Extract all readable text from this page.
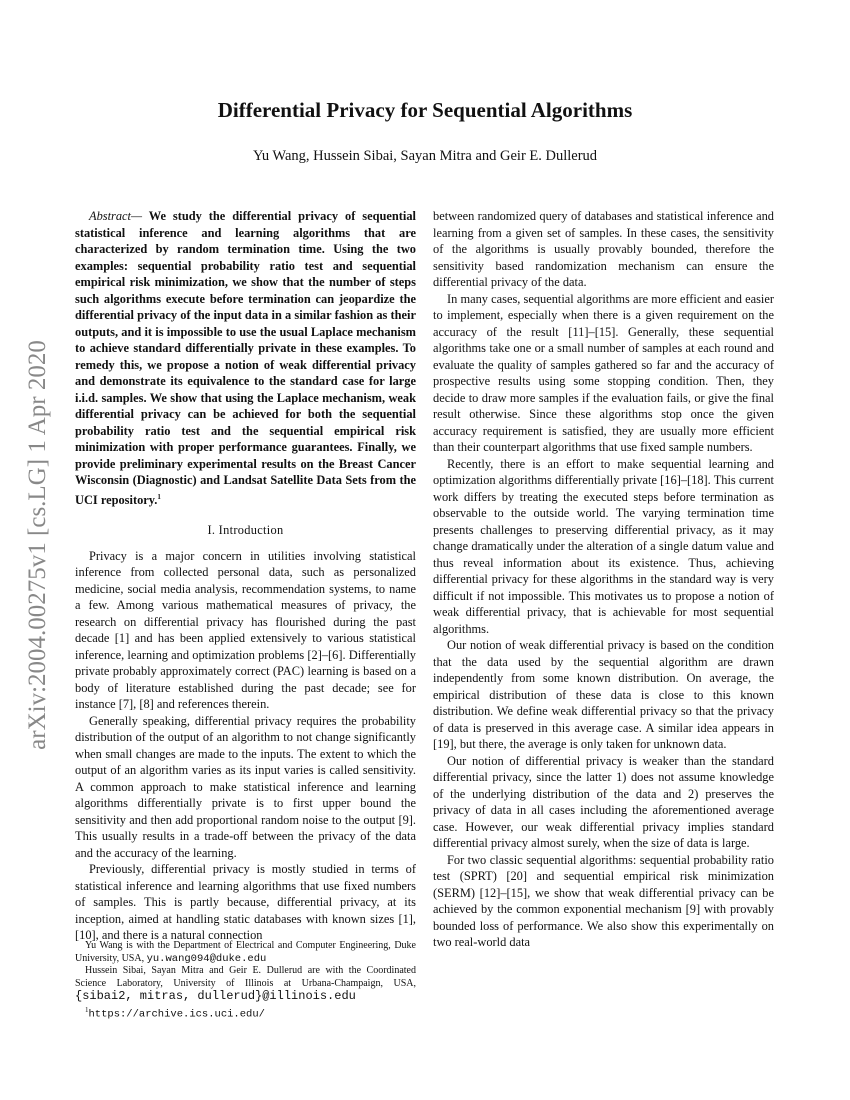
arXiv:2004.00275v1 [cs.LG] 1 Apr 2020
Differential Privacy for Sequential Algorithms
Yu Wang, Hussein Sibai, Sayan Mitra and Geir E. Dullerud

Abstract— We study the differential privacy of sequential statistical inference and learning algorithms that are characterized by random termination time. Using the two examples: sequential probability ratio test and sequential empirical risk minimization, we show that the number of steps such algorithms execute before termination can jeopardize the differential privacy of the input data in a similar fashion as their outputs, and it is impossible to use the usual Laplace mechanism to achieve standard differentially private in these examples. To remedy this, we propose a notion of weak differential privacy and demonstrate its equivalence to the standard case for large i.i.d. samples. We show that using the Laplace mechanism, weak differential privacy can be achieved for both the sequential probability ratio test and the sequential empirical risk minimization with proper performance guarantees. Finally, we provide preliminary experimental results on the Breast Cancer Wisconsin (Diagnostic) and Landsat Satellite Data Sets from the UCI repository.$^1$

I. Introduction

Privacy is a major concern in utilities involving statistical inference from collected personal data, such as personalized medicine, social media analysis, recommendation systems, to name a few. Among various mathematical measures of privacy, the research on differential privacy has flourished during the past decade [1] and has been applied extensively to various statistical inference, learning and optimization problems [2]–[6]. Differentially private probably approximately correct (PAC) learning is based on a body of literature established during the past decade; see for instance [7], [8] and references therein.

Generally speaking, differential privacy requires the probability distribution of the output of an algorithm to not change significantly when small changes are made to the inputs. The extent to which the output of an algorithm varies as its input varies is called sensitivity. A common approach to make statistical inference and learning algorithms differentially private is to first upper bound the sensitivity and then add proportional random noise to the output [9]. This usually results in a trade-off between the privacy of the data and the accuracy of the learning.

Previously, differential privacy is mostly studied in terms of statistical inference and learning algorithms that use fixed numbers of samples. This is partly because, differential privacy, at its inception, aimed at handling static databases with known sizes [1], [10], and there is a natural connection

between randomized query of databases and statistical inference and learning from a given set of samples. In these cases, the sensitivity of the algorithms is usually provably bounded, therefore the sensitivity based randomization mechanism can ensure the differential privacy of the data.

In many cases, sequential algorithms are more efficient and easier to implement, especially when there is a given requirement on the accuracy of the result [11]–[15]. Generally, these sequential algorithms take one or a small number of samples at each round and evaluate the quality of samples gathered so far and the accuracy of prospective results using some stopping condition. Then, they decide to draw more samples if the evaluation fails, or give the final result otherwise. Since these algorithms stop once the given accuracy requirement is satisfied, they are usually more efficient than their counterpart algorithms that use fixed sample numbers.

Recently, there is an effort to make sequential learning and optimization algorithms differentially private [16]–[18]. This current work differs by treating the executed steps before termination as observable to the outside world. The varying termination time presents challenges to preserving differential privacy, as it may change dramatically under the alteration of a single datum value and thus reveal information about its existence. Thus, achieving differential privacy for these algorithms in the standard way is very difficult if not impossible. This motivates us to propose a notion of weak differential privacy, that is achievable for most sequential algorithms.

Our notion of weak differential privacy is based on the condition that the data used by the sequential algorithm are drawn independently from some known distribution. On average, the empirical distribution of these data is close to this known distribution. We define weak differential privacy so that the privacy of data is preserved in this average case. A similar idea appears in [19], but there, the average is only taken for unknown data.

Our notion of differential privacy is weaker than the standard differential privacy, since the latter 1) does not assume knowledge of the underlying distribution of the data and 2) preserves the privacy of data in all cases including the aforementioned average case. However, our weak differential privacy implies standard differential privacy almost surely, when the size of data is large.

For two classic sequential algorithms: sequential probability ratio test (SPRT) [20] and sequential empirical risk minimization (SERM) [12]–[15], we show that weak differential privacy can be achieved by the common exponential mechanism [9] with provably bounded loss of performance. We also show this experimentally on two real-world data

Yu Wang is with the Department of Electrical and Computer Engineering, Duke University, USA, yu.wang094@duke.edu

Hussein Sibai, Sayan Mitra and Geir E. Dullerud are with the Coordinated Science Laboratory, University of Illinois at Urbana-Champaign, USA, {sibai2, mitras, dullerud}@illinois.edu

$^1$https://archive.ics.uci.edu/
